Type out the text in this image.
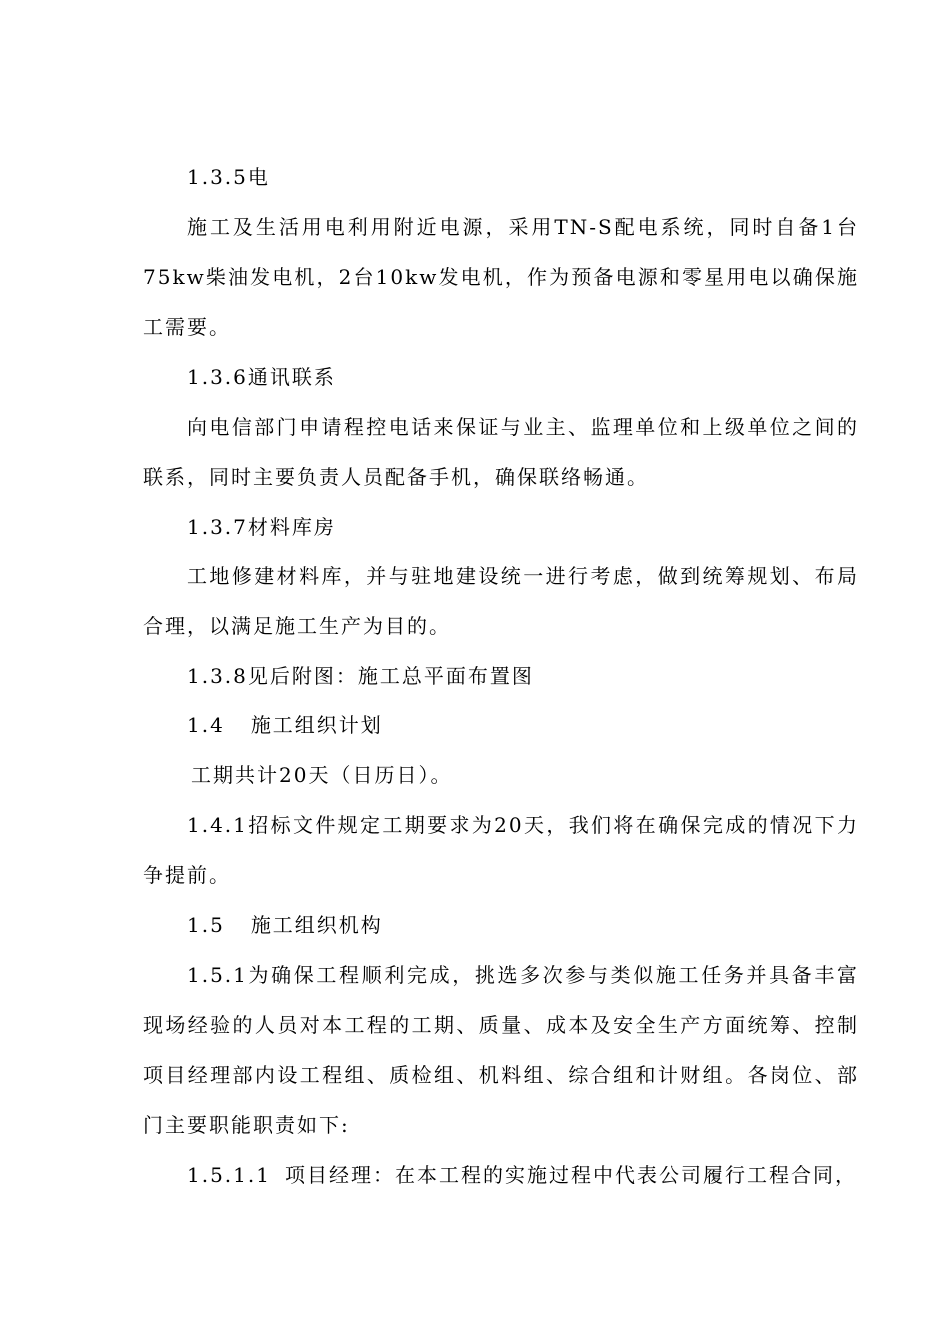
1.3.5电

施工及生活用电利用附近电源，采用TN-S配电系统，同时自备1台75kw柴油发电机，2台10kw发电机，作为预备电源和零星用电以确保施工需要。

1.3.6通讯联系

向电信部门申请程控电话来保证与业主、监理单位和上级单位之间的联系，同时主要负责人员配备手机，确保联络畅通。

1.3.7材料库房

工地修建材料库，并与驻地建设统一进行考虑，做到统筹规划、布局合理，以满足施工生产为目的。

1.3.8见后附图：施工总平面布置图

1.4 施工组织计划

工期共计20天（日历日）。

1.4.1招标文件规定工期要求为20天，我们将在确保完成的情况下力争提前。

1.5 施工组织机构

1.5.1为确保工程顺利完成，挑选多次参与类似施工任务并具备丰富现场经验的人员对本工程的工期、质量、成本及安全生产方面统筹、控制项目经理部内设工程组、质检组、机料组、综合组和计财组。各岗位、部门主要职能职责如下:

1.5.1.1 项目经理：在本工程的实施过程中代表公司履行工程合同，
